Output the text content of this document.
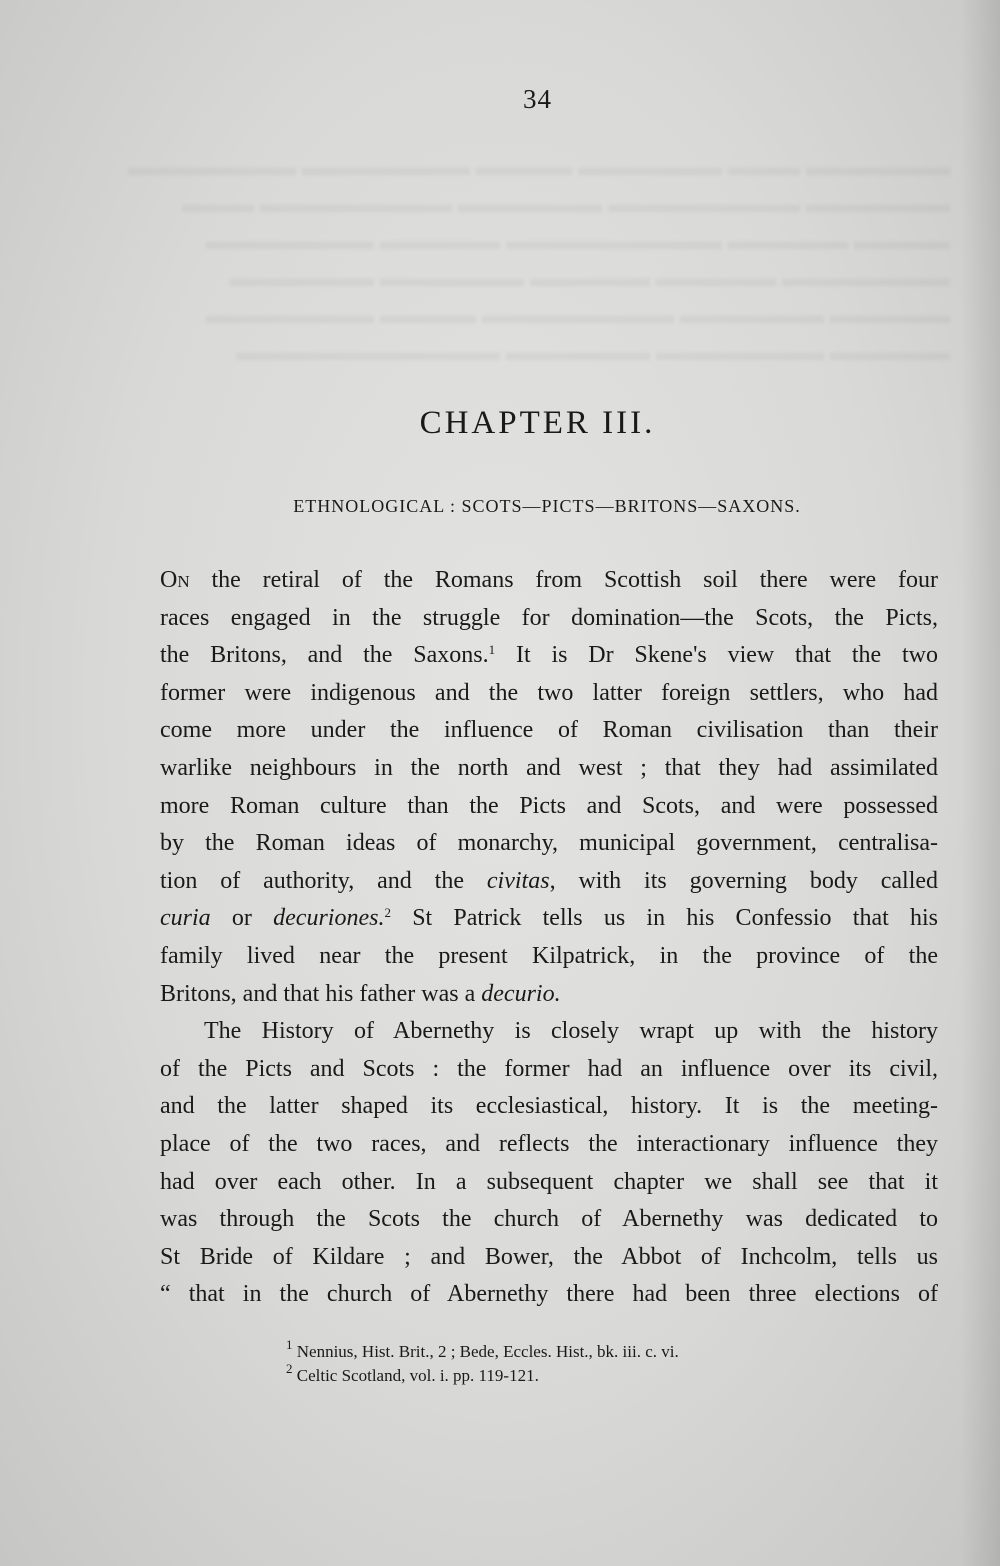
▬▬▬▬▬▬ ▬▬▬ ▬▬▬▬▬▬ ▬▬▬▬ ▬▬▬▬▬▬▬ ▬▬▬▬▬▬▬
▬▬▬▬▬▬ ▬▬▬▬▬▬▬▬ ▬▬▬▬▬▬ ▬▬▬▬▬▬▬▬ ▬▬▬
▬▬▬▬ ▬▬▬▬▬ ▬▬▬▬▬▬▬▬▬ ▬▬▬▬▬ ▬▬▬▬▬▬▬
▬▬▬▬▬▬▬ ▬▬▬▬▬ ▬▬▬▬▬ ▬▬▬▬▬▬ ▬▬▬▬▬▬
▬▬▬▬▬ ▬▬▬▬▬▬ ▬▬▬▬▬▬▬▬ ▬▬▬▬ ▬▬▬▬▬▬▬
▬▬▬▬▬ ▬▬▬▬▬▬▬ ▬▬▬▬▬▬ ▬▬▬▬▬▬▬▬▬▬▬
34
CHAPTER III.
ETHNOLOGICAL : SCOTS—PICTS—BRITONS—SAXONS.
On the retiral of the Romans from Scottish soil there were four
races engaged in the struggle for domination—the Scots, the Picts,
the Britons, and the Saxons.$^1$ It is Dr Skene's view that the two
former were indigenous and the two latter foreign settlers, who had
come more under the influence of Roman civilisation than their
warlike neighbours in the north and west ; that they had assimilated
more Roman culture than the Picts and Scots, and were possessed
by the Roman ideas of monarchy, municipal government, centralisa-
tion of authority, and the civitas, with its governing body called
curia or decuriones.$^2$ St Patrick tells us in his Confessio that his
family lived near the present Kilpatrick, in the province of the
Britons, and that his father was a decurio.
The History of Abernethy is closely wrapt up with the history
of the Picts and Scots : the former had an influence over its civil,
and the latter shaped its ecclesiastical, history. It is the meeting-
place of the two races, and reflects the interactionary influence they
had over each other. In a subsequent chapter we shall see that it
was through the Scots the church of Abernethy was dedicated to
St Bride of Kildare ; and Bower, the Abbot of Inchcolm, tells us
“ that in the church of Abernethy there had been three elections of
$^1$ Nennius, Hist. Brit., 2 ; Bede, Eccles. Hist., bk. iii. c. vi.
$^2$ Celtic Scotland, vol. i. pp. 119-121.
